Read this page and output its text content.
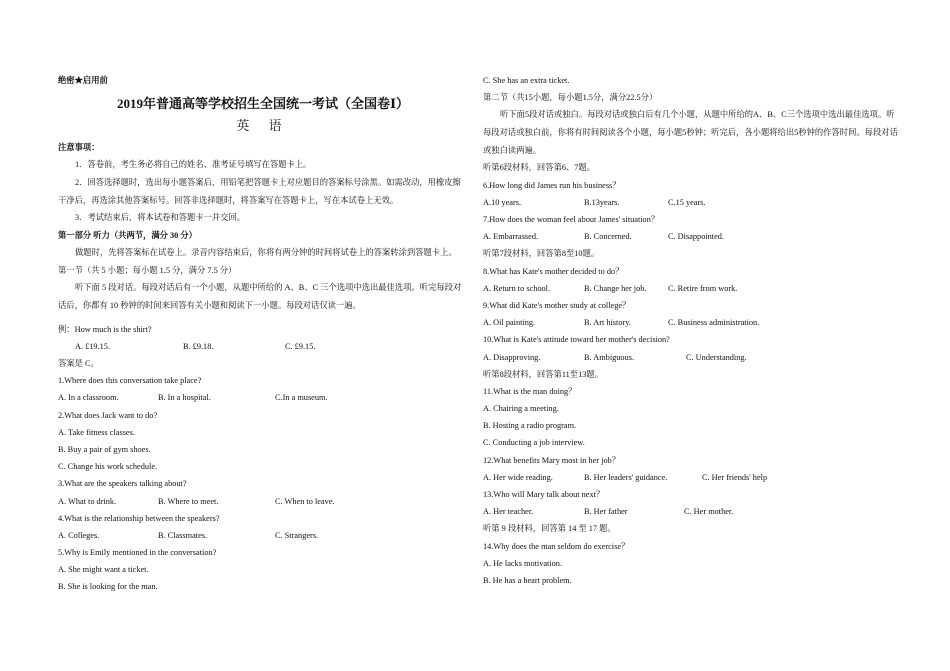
绝密★启用前
2019年普通高等学校招生全国统一考试（全国卷Ⅰ）
英 语
注意事项：
1．答卷前，考生务必将自己的姓名、准考证号填写在答题卡上。
2．回答选择题时，选出每小题答案后，用铅笔把答题卡上对应题目的答案标号涂黑。如需改动，用橡皮擦干净后，再选涂其他答案标号。回答非选择题时，将答案写在答题卡上，写在本试卷上无效。
3．考试结束后，将本试卷和答题卡一并交回。
第一部分 听力（共两节，满分 30 分）
做题时，先将答案标在试卷上。录音内容结束后，你将有两分钟的时间将试卷上的答案转涂到答题卡上。
第一节（共 5 小题；每小题 1.5 分，满分 7.5 分）
听下面 5 段对话。每段对话后有一个小题，从题中所给的 A、B、C 三个选项中选出最佳选项。听完每段对话后，你都有 10 秒钟的时间来回答有关小题和阅读下一小题。每段对话仅读一遍。
例：How much is the shirt?
A. £19.15.	B. £9.18.	C. £9.15.
答案是 C。
1.Where does this conversation take place?
A. In a classroom.	B. In a hospital.	C.In a museum.
2.What does Jack want to do?
A. Take fitness classes.
B. Buy a pair of gym shoes.
C. Change his work schedule.
3.What are the speakers talking about?
A. What to drink.	B. Where to meet.	C. When to leave.
4.What is the relationship between the speakers?
A. Colleges.	B. Classmates.	C. Strangers.
5.Why is Emily mentioned in the conversation?
A. She might want a ticket.
B. She is looking for the man.
C. She has an extra ticket.
第二节（共15小题，每小题1.5分，满分22.5分）
听下面5段对话或独白。每段对话或独白后有几个小题，从题中所给的A、B、C三个选项中选出最佳选项。听每段对话或独白前，你将有时间阅读各个小题，每小题5秒钟；听完后，各小题将给出5秒钟的作答时间。每段对话或独白读两遍。
听第6段材料，回答第6、7题。
6.How long did James run his business？
A.10 years.	B.13years.	C.15 years.
7.How does the woman feel about James' situation？
A. Embarrassed.	B. Concerned.	C. Disappointed.
听第7段材料，回答第8至10题。
8.What has Kate's mother decided to do？
A. Return to school.	B. Change her job.	C. Retire from work.
9.What did Kate's mother study at college？
A. Oil painting.	B. Art history.	C. Business administration.
10.What is Kate's attitude toward her mother's decision?
A. Disapproving.	B. Ambiguous.	C. Understanding.
听第8段材料，回答第11至13题。
11.What is the man doing？
A. Chairing a meeting.
B. Hosting a radio program.
C. Conducting a job interview.
12.What benefits Mary most in her job？
A. Her wide reading.	B. Her leaders' guidance.	C. Her friends' help
13.Who will Mary talk about next？
A. Her teacher.	B. Her father	C. Her mother.
听第 9 段材料，回答第 14 至 17 题。
14.Why does the man seldom do exercise？
A. He lacks motivation.
B. He has a heart problem.
